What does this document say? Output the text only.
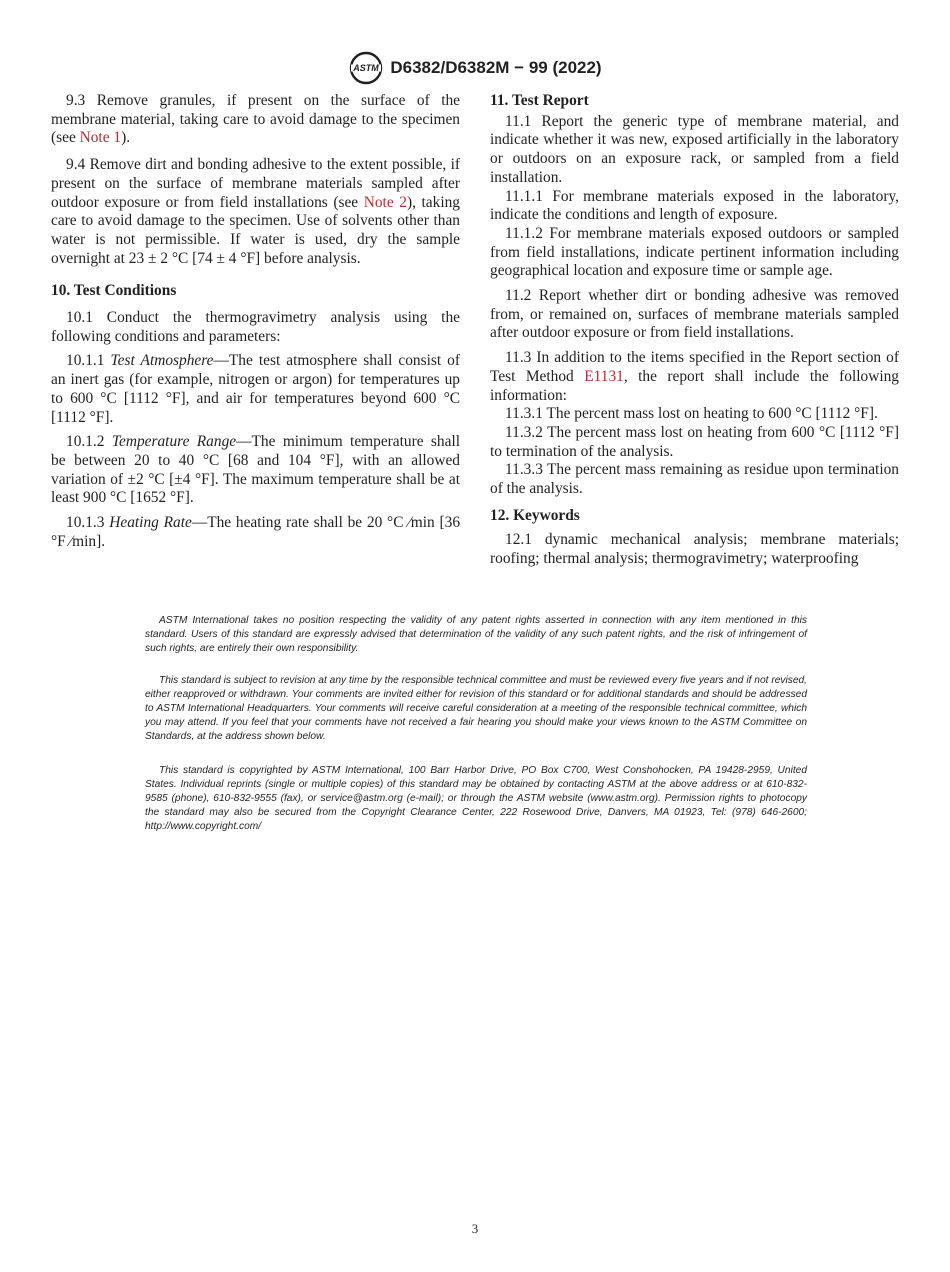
ASTM D6382/D6382M − 99 (2022)

9.3 Remove granules, if present on the surface of the membrane material, taking care to avoid damage to the specimen (see Note 1).

9.4 Remove dirt and bonding adhesive to the extent possible, if present on the surface of membrane materials sampled after outdoor exposure or from field installations (see Note 2), taking care to avoid damage to the specimen. Use of solvents other than water is not permissible. If water is used, dry the sample overnight at 23 ± 2 °C [74 ± 4 °F] before analysis.

10. Test Conditions

10.1 Conduct the thermogravimetry analysis using the following conditions and parameters:

10.1.1 Test Atmosphere—The test atmosphere shall consist of an inert gas (for example, nitrogen or argon) for temperatures up to 600 °C [1112 °F], and air for temperatures beyond 600 °C [1112 °F].

10.1.2 Temperature Range—The minimum temperature shall be between 20 to 40 °C [68 and 104 °F], with an allowed variation of ±2 °C [±4 °F]. The maximum temperature shall be at least 900 °C [1652 °F].

10.1.3 Heating Rate—The heating rate shall be 20 °C ⁄min [36 °F ⁄min].

11. Test Report

11.1 Report the generic type of membrane material, and indicate whether it was new, exposed artificially in the laboratory or outdoors on an exposure rack, or sampled from a field installation.

11.1.1 For membrane materials exposed in the laboratory, indicate the conditions and length of exposure.

11.1.2 For membrane materials exposed outdoors or sampled from field installations, indicate pertinent information including geographical location and exposure time or sample age.

11.2 Report whether dirt or bonding adhesive was removed from, or remained on, surfaces of membrane materials sampled after outdoor exposure or from field installations.

11.3 In addition to the items specified in the Report section of Test Method E1131, the report shall include the following information:

11.3.1 The percent mass lost on heating to 600 °C [1112 °F].

11.3.2 The percent mass lost on heating from 600 °C [1112 °F] to termination of the analysis.

11.3.3 The percent mass remaining as residue upon termination of the analysis.

12. Keywords

12.1 dynamic mechanical analysis; membrane materials; roofing; thermal analysis; thermogravimetry; waterproofing

ASTM International takes no position respecting the validity of any patent rights asserted in connection with any item mentioned in this standard. Users of this standard are expressly advised that determination of the validity of any such patent rights, and the risk of infringement of such rights, are entirely their own responsibility.

This standard is subject to revision at any time by the responsible technical committee and must be reviewed every five years and if not revised, either reapproved or withdrawn. Your comments are invited either for revision of this standard or for additional standards and should be addressed to ASTM International Headquarters. Your comments will receive careful consideration at a meeting of the responsible technical committee, which you may attend. If you feel that your comments have not received a fair hearing you should make your views known to the ASTM Committee on Standards, at the address shown below.

This standard is copyrighted by ASTM International, 100 Barr Harbor Drive, PO Box C700, West Conshohocken, PA 19428-2959, United States. Individual reprints (single or multiple copies) of this standard may be obtained by contacting ASTM at the above address or at 610-832-9585 (phone), 610-832-9555 (fax), or service@astm.org (e-mail); or through the ASTM website (www.astm.org). Permission rights to photocopy the standard may also be secured from the Copyright Clearance Center, 222 Rosewood Drive, Danvers, MA 01923, Tel: (978) 646-2600; http://www.copyright.com/

3
